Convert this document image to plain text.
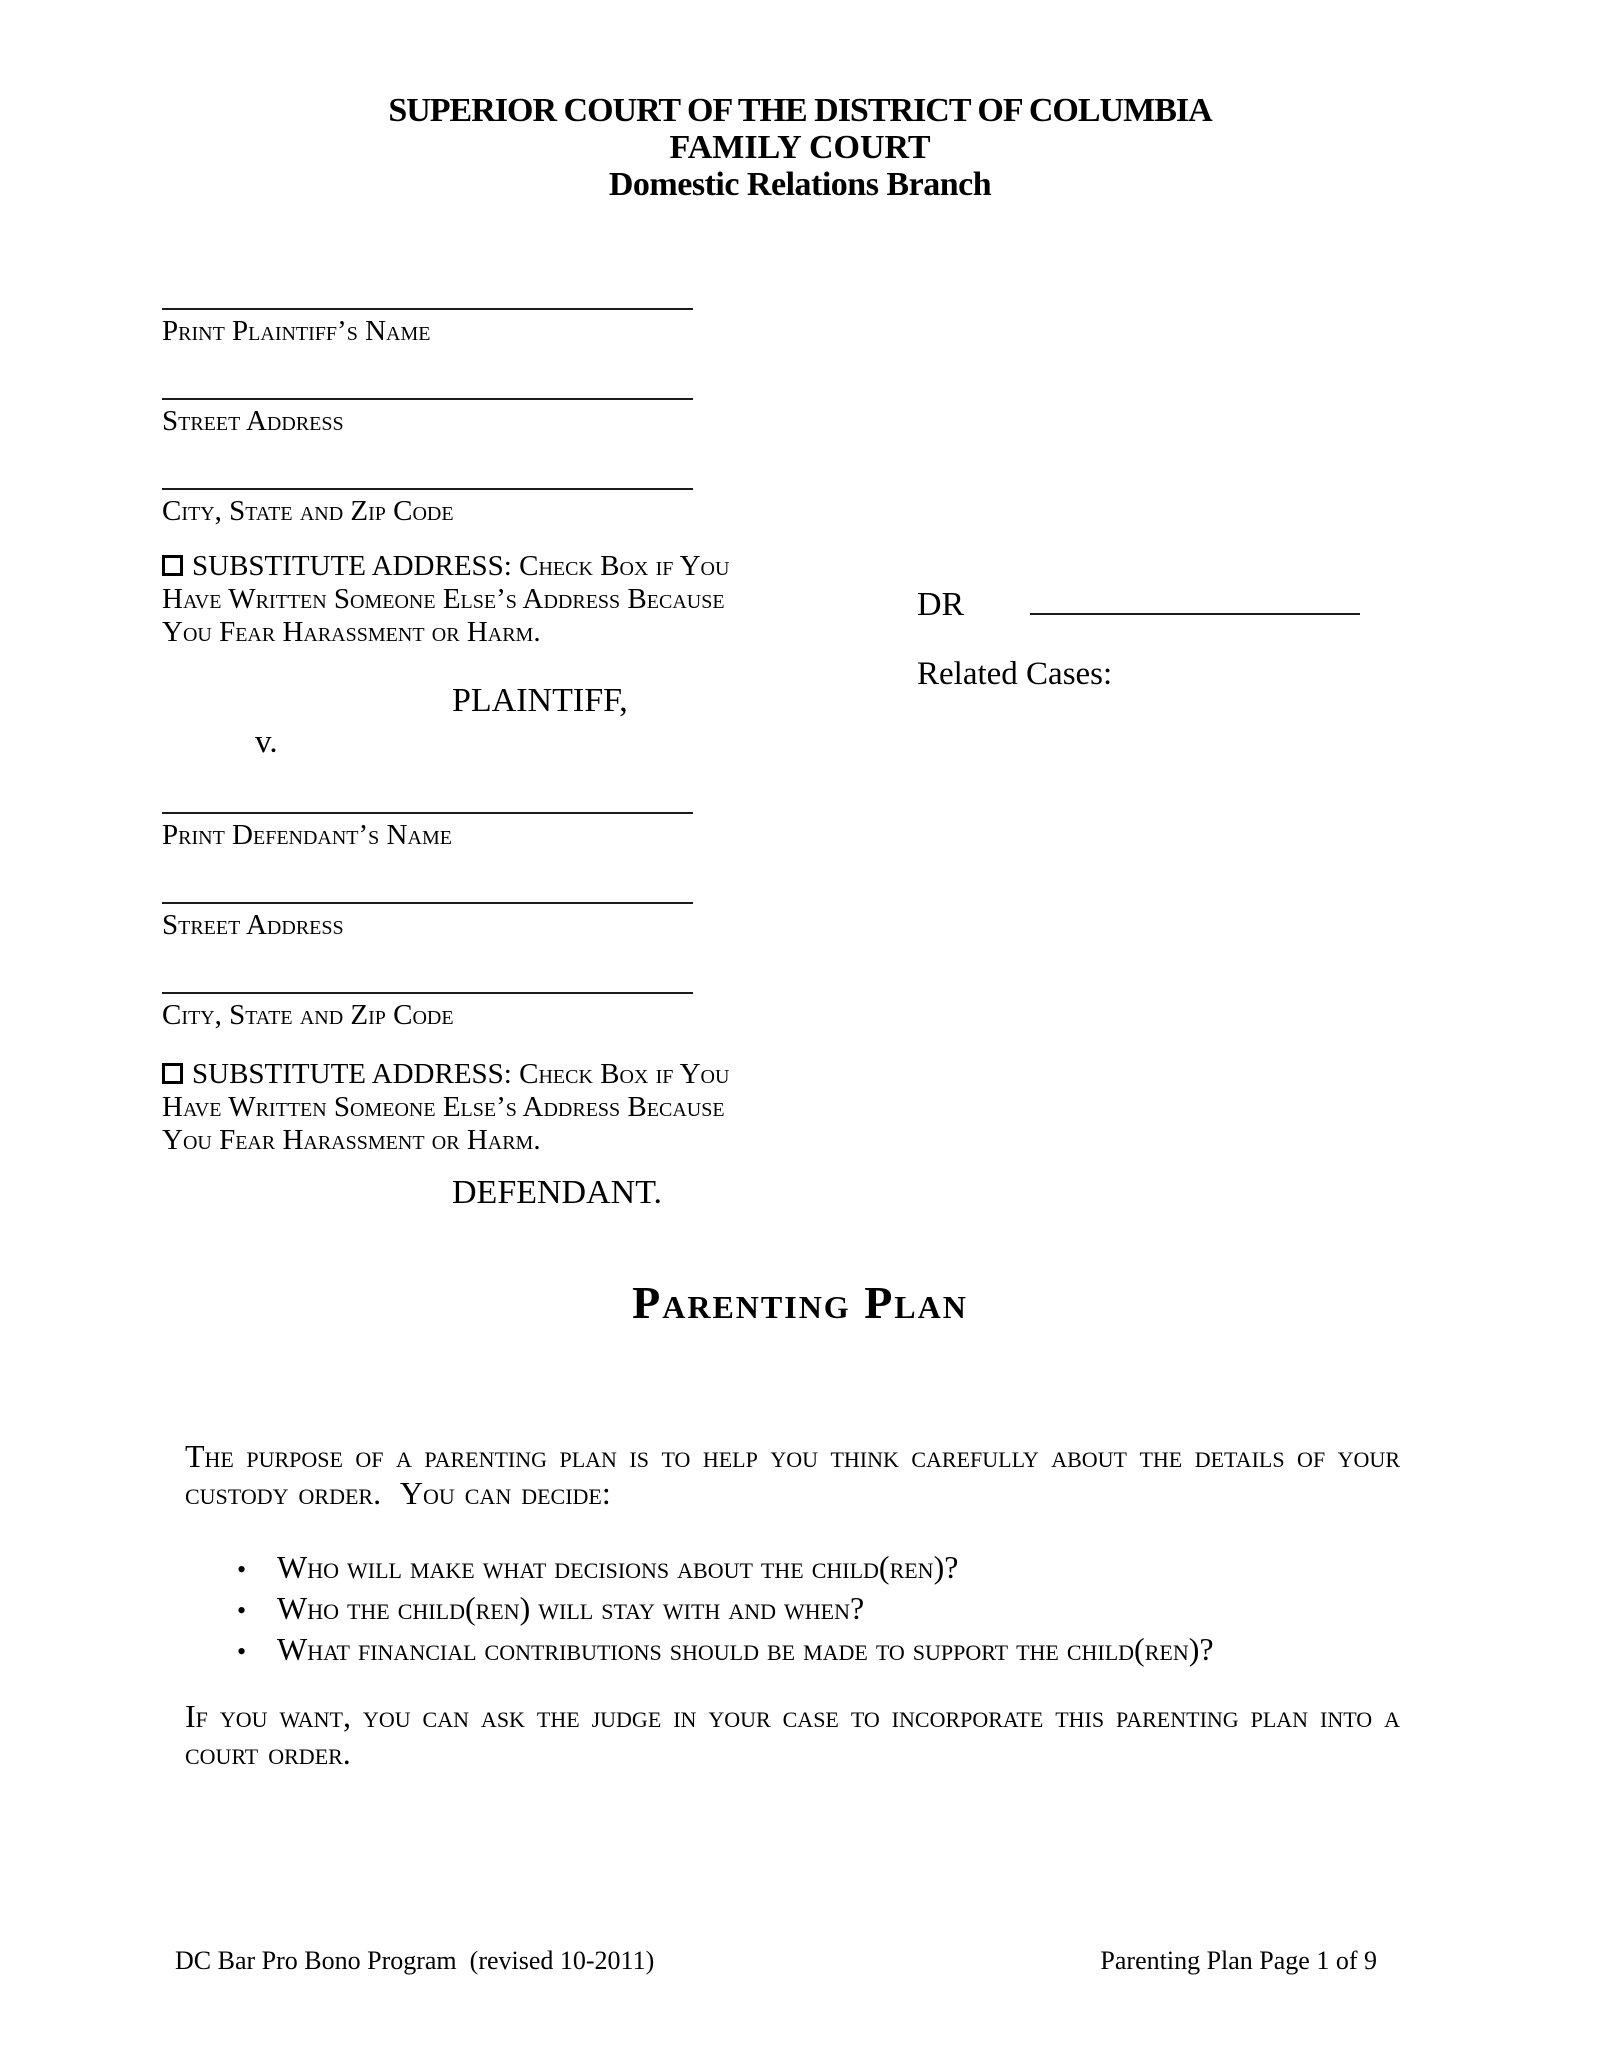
SUPERIOR COURT OF THE DISTRICT OF COLUMBIA
FAMILY COURT
Domestic Relations Branch
Print Plaintiff’s Name
Street Address
City, State and Zip Code
SUBSTITUTE ADDRESS: Check Box if You
Have Written Someone Else’s Address Because
You Fear Harassment or Harm.
DR
Related Cases:
PLAINTIFF,
v.
Print Defendant’s Name
Street Address
City, State and Zip Code
SUBSTITUTE ADDRESS: Check Box if You
Have Written Someone Else’s Address Because
You Fear Harassment or Harm.
DEFENDANT.
Parenting Plan
The purpose of a parenting plan is to help you think carefully about the details of your custody order.  You can decide:
• Who will make what decisions about the child(ren)?
• Who the child(ren) will stay with and when?
• What financial contributions should be made to support the child(ren)?
If you want, you can ask the judge in your case to incorporate this parenting plan into a court order.
DC Bar Pro Bono Program  (revised 10-2011)	Parenting Plan Page 1 of 9
